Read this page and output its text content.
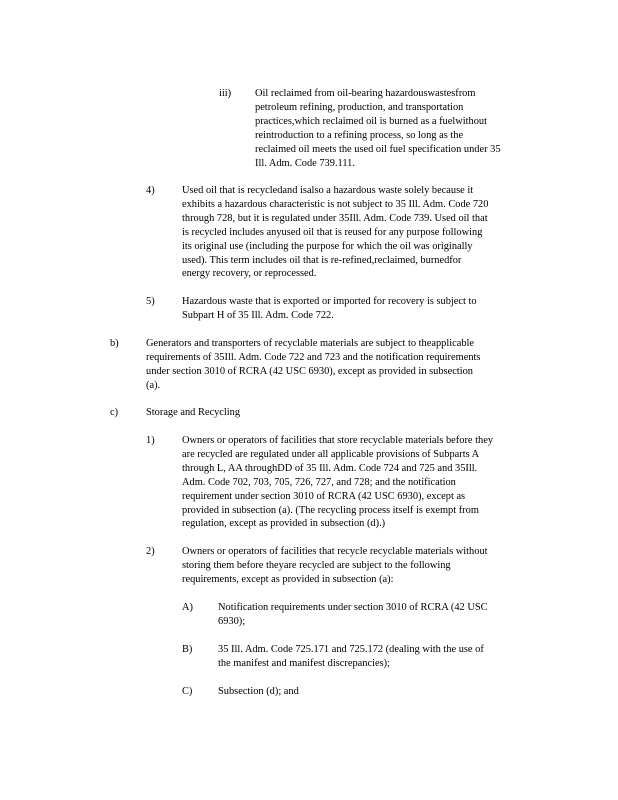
iii) Oil reclaimed from oil-bearing hazardouswastesfrom
petroleum refining, production, and transportation
practices,which reclaimed oil is burned as a fuelwithout
reintroduction to a refining process, so long as the
reclaimed oil meets the used oil fuel specification under 35
Ill. Adm. Code 739.111.
4)	Used oil that is recycledand isalso a hazardous waste solely because it
exhibits a hazardous characteristic is not subject to 35 Ill. Adm. Code 720
through 728, but it is regulated under 35Ill. Adm. Code 739. Used oil that
is recycled includes anyused oil that is reused for any purpose following
its original use (including the purpose for which the oil was originally
used). This term includes oil that is re-refined,reclaimed, burnedfor
energy recovery, or reprocessed.
5)	Hazardous waste that is exported or imported for recovery is subject to
Subpart H of 35 Ill. Adm. Code 722.
b)	Generators and transporters of recyclable materials are subject to theapplicable
requirements of 35Ill. Adm. Code 722 and 723 and the notification requirements
under section 3010 of RCRA (42 USC 6930), except as provided in subsection
(a).
c)	Storage and Recycling
1)	Owners or operators of facilities that store recyclable materials before they
are recycled are regulated under all applicable provisions of Subparts A
through L, AA throughDD of 35 Ill. Adm. Code 724 and 725 and 35Ill.
Adm. Code 702, 703, 705, 726, 727, and 728; and the notification
requirement under section 3010 of RCRA (42 USC 6930), except as
provided in subsection (a). (The recycling process itself is exempt from
regulation, except as provided in subsection (d).)
2)	Owners or operators of facilities that recycle recyclable materials without
storing them before theyare recycled are subject to the following
requirements, except as provided in subsection (a):
A) Notification requirements under section 3010 of RCRA (42 USC
6930);
B) 35 Ill. Adm. Code 725.171 and 725.172 (dealing with the use of
the manifest and manifest discrepancies);
C) Subsection (d); and
